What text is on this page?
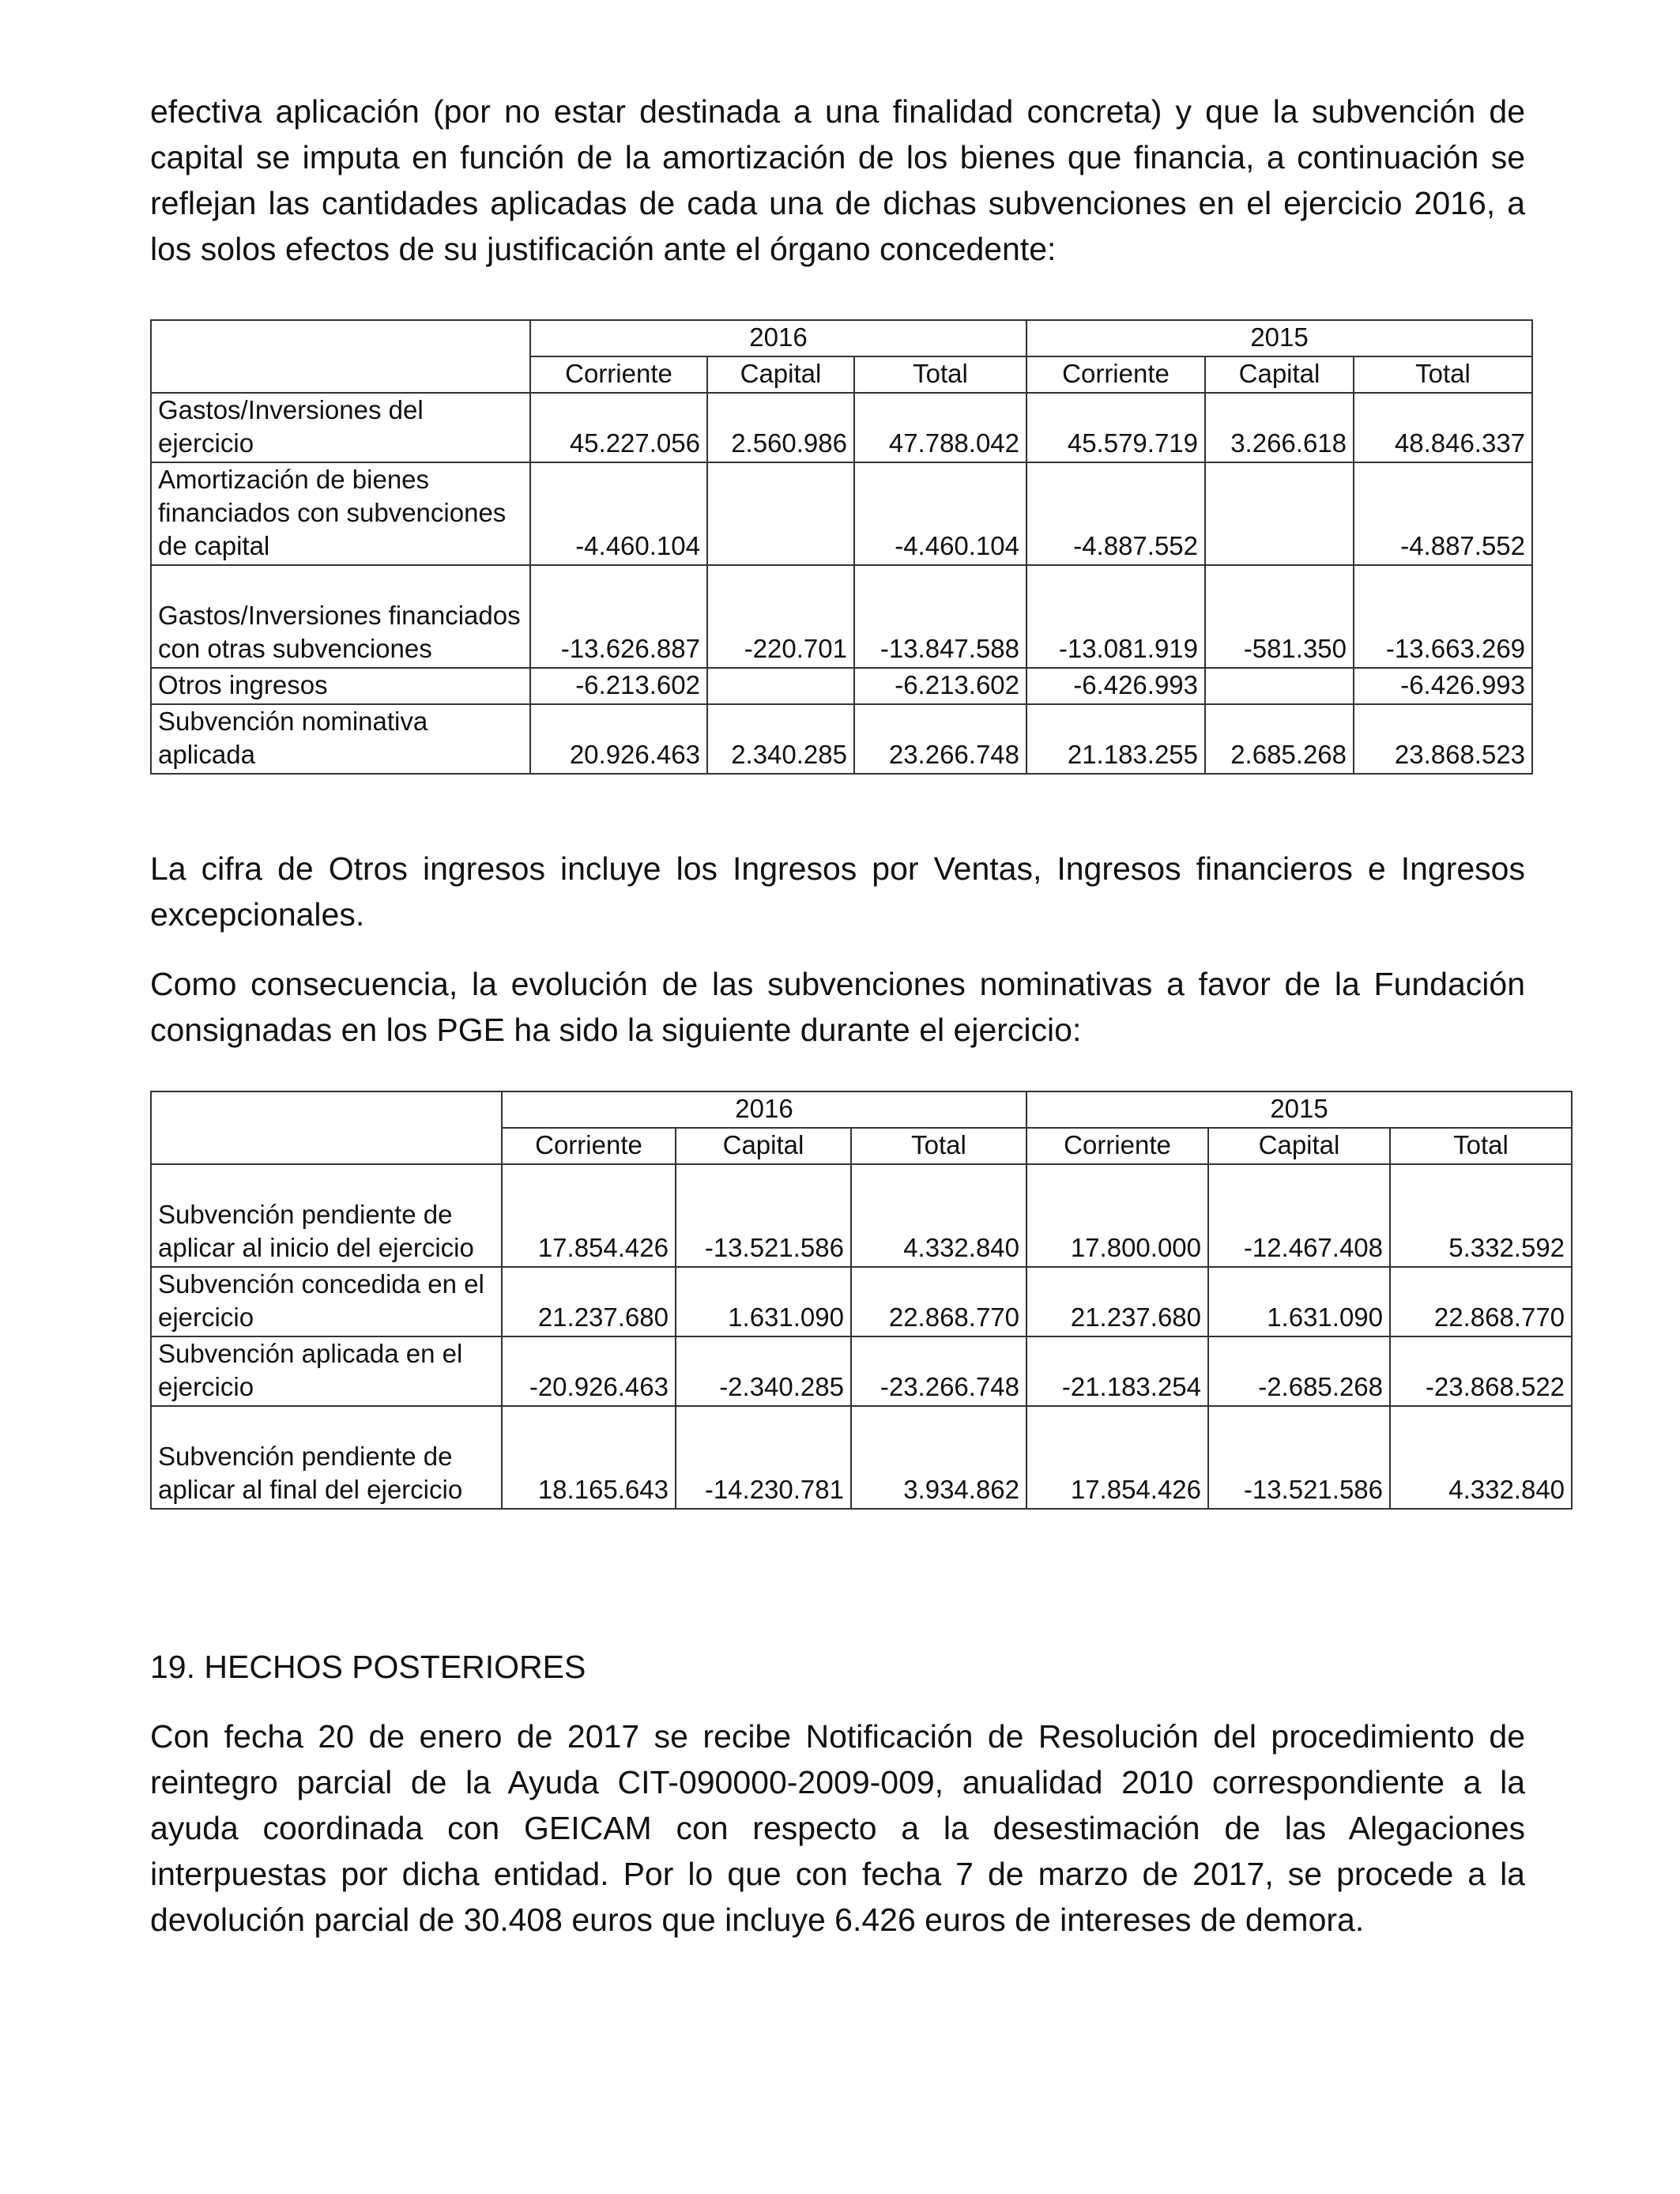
efectiva aplicación (por no estar destinada a una finalidad concreta) y que la subvención de capital se imputa en función de la amortización de los bienes que financia, a continuación se reflejan las cantidades aplicadas de cada una de dichas subvenciones en el ejercicio 2016, a los solos efectos de su justificación ante el órgano concedente:

	2016			2015		
	Corriente	Capital	Total	Corriente	Capital	Total
Gastos/Inversiones del ejercicio	45.227.056	2.560.986	47.788.042	45.579.719	3.266.618	48.846.337
Amortización de bienes financiados con subvenciones de capital	-4.460.104		-4.460.104	-4.887.552		-4.887.552
Gastos/Inversiones financiados con otras subvenciones	-13.626.887	-220.701	-13.847.588	-13.081.919	-581.350	-13.663.269
Otros ingresos	-6.213.602		-6.213.602	-6.426.993		-6.426.993
Subvención nominativa aplicada	20.926.463	2.340.285	23.266.748	21.183.255	2.685.268	23.868.523

La cifra de Otros ingresos incluye los Ingresos por Ventas, Ingresos financieros e Ingresos excepcionales.

Como consecuencia, la evolución de las subvenciones nominativas a favor de la Fundación consignadas en los PGE ha sido la siguiente durante el ejercicio:

	2016			2015		
	Corriente	Capital	Total	Corriente	Capital	Total
Subvención pendiente de aplicar al inicio del ejercicio	17.854.426	-13.521.586	4.332.840	17.800.000	-12.467.408	5.332.592
Subvención concedida en el ejercicio	21.237.680	1.631.090	22.868.770	21.237.680	1.631.090	22.868.770
Subvención aplicada en el ejercicio	-20.926.463	-2.340.285	-23.266.748	-21.183.254	-2.685.268	-23.868.522
Subvención pendiente de aplicar al final del ejercicio	18.165.643	-14.230.781	3.934.862	17.854.426	-13.521.586	4.332.840

19. HECHOS POSTERIORES

Con fecha 20 de enero de 2017 se recibe Notificación de Resolución del procedimiento de reintegro parcial de la Ayuda CIT-090000-2009-009, anualidad 2010 correspondiente a la ayuda coordinada con GEICAM con respecto a la desestimación de las Alegaciones interpuestas por dicha entidad. Por lo que con fecha 7 de marzo de 2017, se procede a la devolución parcial de 30.408 euros que incluye 6.426 euros de intereses de demora.
